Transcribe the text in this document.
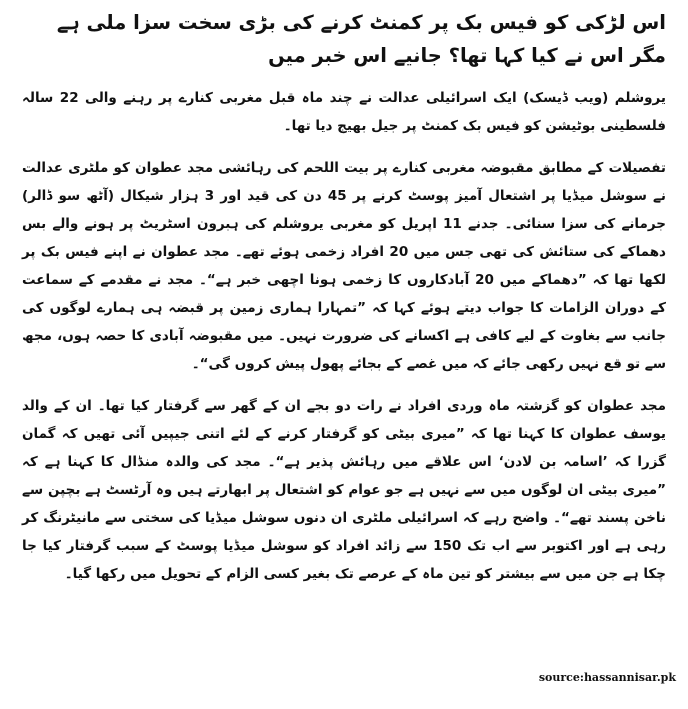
اس لڑکی کو فیس بک پر کمنٹ کرنے کی بڑی سخت سزا ملی ہے مگر اس نے کیا کہا تھا؟ جانیے اس خبر میں

یروشلم (ویب ڈیسک) ایک اسرائیلی عدالت نے چند ماہ قبل مغربی کنارے پر رہنے والی 22 سالہ فلسطینی بوٹیشن کو فیس بک کمنٹ پر جیل بھیج دیا تھا۔

تفصیلات کے مطابق مقبوضہ مغربی کنارے پر بیت اللحم کی رہائشی مجد عطوان کو ملٹری عدالت نے سوشل میڈیا پر اشتعال آمیز پوسٹ کرنے پر 45 دن کی قید اور 3 ہزار شیکال (آٹھ سو ڈالر) جرمانے کی سزا سنائی۔ جدنے 11 اپریل کو مغربی یروشلم کی ہبرون اسٹریٹ پر ہونے والے بس دھماکے کی ستائش کی تھی جس میں 20 افراد زخمی ہوئے تھے۔ مجد عطوان نے اپنے فیس بک پر لکھا تھا کہ ”دھماکے میں 20 آبادکاروں کا زخمی ہونا اچھی خبر ہے“۔ مجد نے مقدمے کے سماعت کے دوران الزامات کا جواب دیتے ہوئے کہا کہ ”تمہارا ہماری زمین پر قبضہ ہی ہمارے لوگوں کی جانب سے بغاوت کے لیے کافی ہے اکسانے کی ضرورت نہیں۔ میں مقبوضہ آبادی کا حصہ ہوں، مجھ سے تو قع نہیں رکھی جائے کہ میں غصے کے بجائے پھول پیش کروں گی“۔

مجد عطوان کو گزشتہ ماہ وردی افراد نے رات دو بجے ان کے گھر سے گرفتار کیا تھا۔ ان کے والد یوسف عطوان کا کہنا تھا کہ ”میری بیٹی کو گرفتار کرنے کے لئے اتنی جیپیں آئی تھیں کہ گمان گزرا کہ ’اسامہ بن لادن‘ اس علاقے میں رہائش پذیر ہے“۔ مجد کی والدہ منڈال کا کہنا ہے کہ ”میری بیٹی ان لوگوں میں سے نہیں ہے جو عوام کو اشتعال پر ابھارتے ہیں وہ آرٹسٹ ہے بچپن سے ناخن پسند تھے“۔ واضح رہے کہ اسرائیلی ملٹری ان دنوں سوشل میڈیا کی سختی سے مانیٹرنگ کر رہی ہے اور اکتوبر سے اب تک 150 سے زائد افراد کو سوشل میڈیا پوسٹ کے سبب گرفتار کیا جا چکا ہے جن میں سے بیشتر کو تین ماہ کے عرصے تک بغیر کسی الزام کے تحویل میں رکھا گیا۔

source:hassannisar.pk
